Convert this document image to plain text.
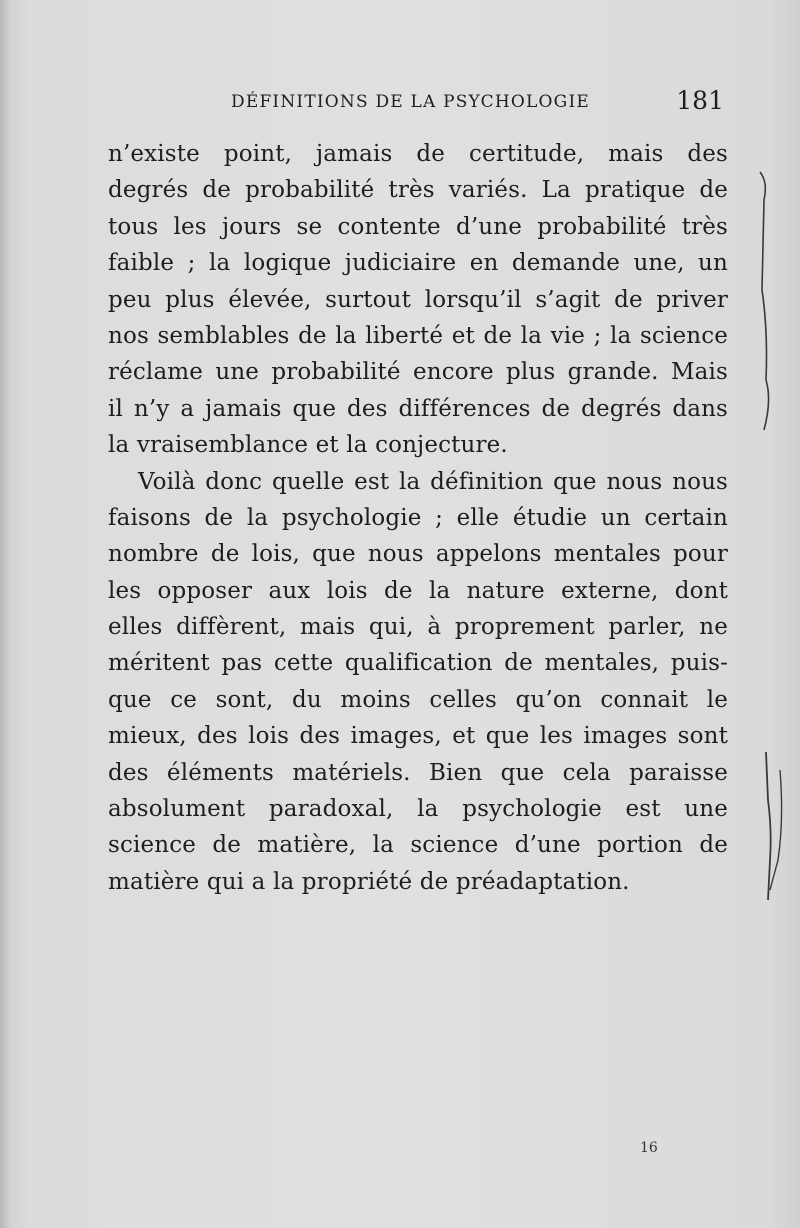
DÉFINITIONS DE LA PSYCHOLOGIE	181
n’existe point, jamais de certitude, mais des
degrés de probabilité très variés. La pratique de
tous les jours se contente d’une probabilité très
faible ; la logique judiciaire en demande une, un
peu plus élevée, surtout lorsqu’il s’agit de priver
nos semblables de la liberté et de la vie ; la science
réclame une probabilité encore plus grande. Mais
il n’y a jamais que des différences de degrés dans
la vraisemblance et la conjecture.
Voilà donc quelle est la définition que nous nous
faisons de la psychologie ; elle étudie un certain
nombre de lois, que nous appelons mentales pour
les opposer aux lois de la nature externe, dont
elles diffèrent, mais qui, à proprement parler, ne
méritent pas cette qualification de mentales, puis-
que ce sont, du moins celles qu’on connait le
mieux, des lois des images, et que les images sont
des éléments matériels. Bien que cela paraisse
absolument paradoxal, la psychologie est une
science de matière, la science d’une portion de
matière qui a la propriété de préadaptation.
16
